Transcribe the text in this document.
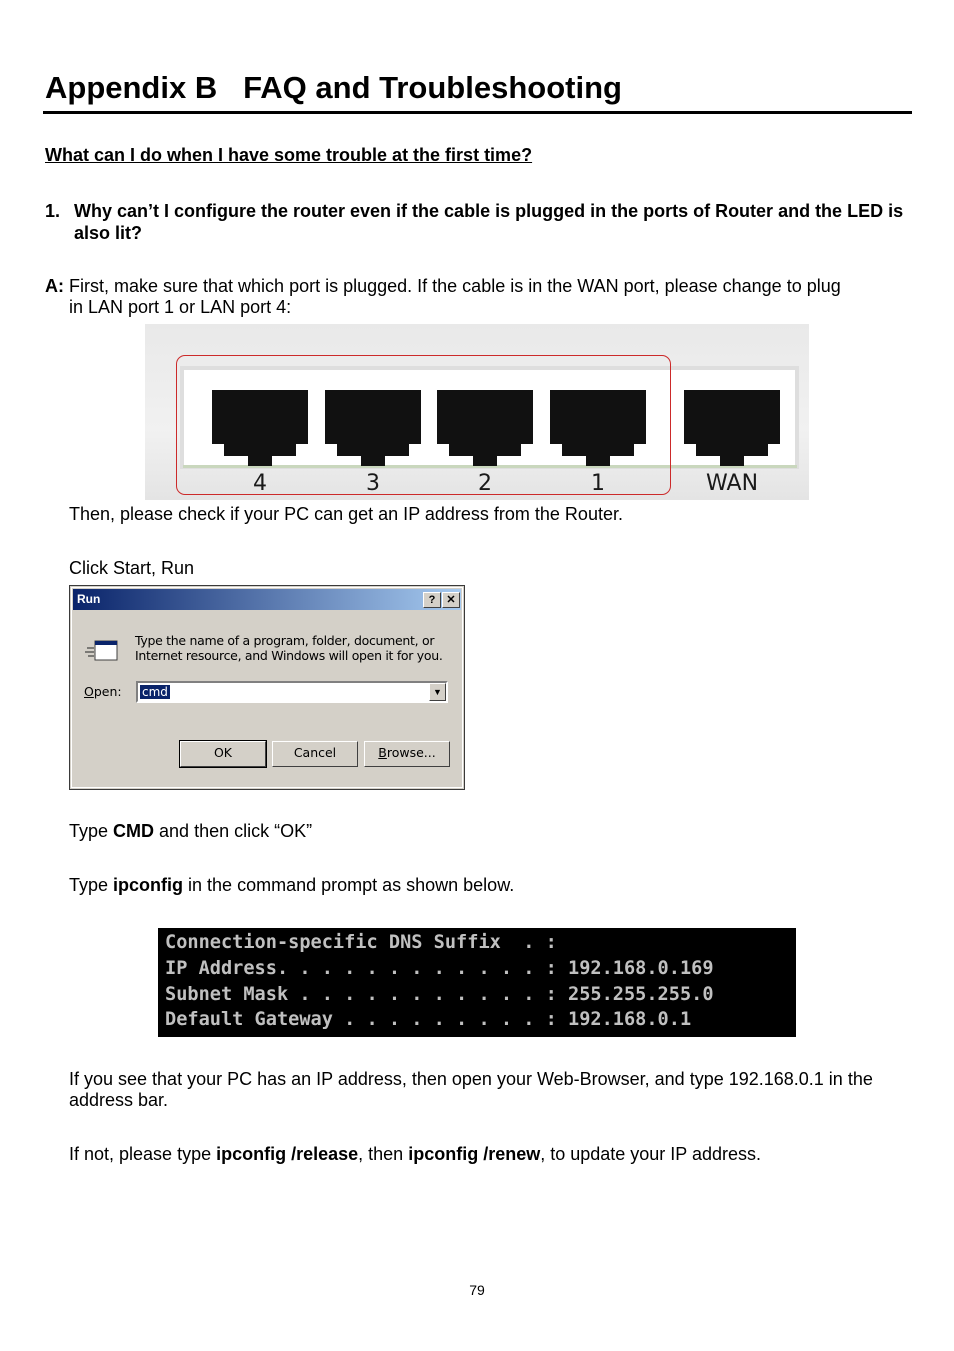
Appendix B   FAQ and Troubleshooting
What can I do when I have some trouble at the first time?
1. Why can’t I configure the router even if the cable is plugged in the ports of Router and the LED is also lit?
A: First, make sure that which port is plugged. If the cable is in the WAN port, please change to plug
in LAN port 1 or LAN port 4:
4	3	2	1	WAN
Then, please check if your PC can get an IP address from the Router.
Click Start, Run
Run	?	✕
Type the name of a program, folder, document, or Internet resource, and Windows will open it for you.
Open: cmd	▼
OK	Cancel	Browse...
Type CMD and then click “OK”
Type ipconfig in the command prompt as shown below.
Connection-specific DNS Suffix  . :
IP Address. . . . . . . . . . . . : 192.168.0.169
Subnet Mask . . . . . . . . . . . : 255.255.255.0
Default Gateway . . . . . . . . . : 192.168.0.1
If you see that your PC has an IP address, then open your Web-Browser, and type 192.168.0.1 in the address bar.
If not, please type ipconfig /release, then ipconfig /renew, to update your IP address.
79
